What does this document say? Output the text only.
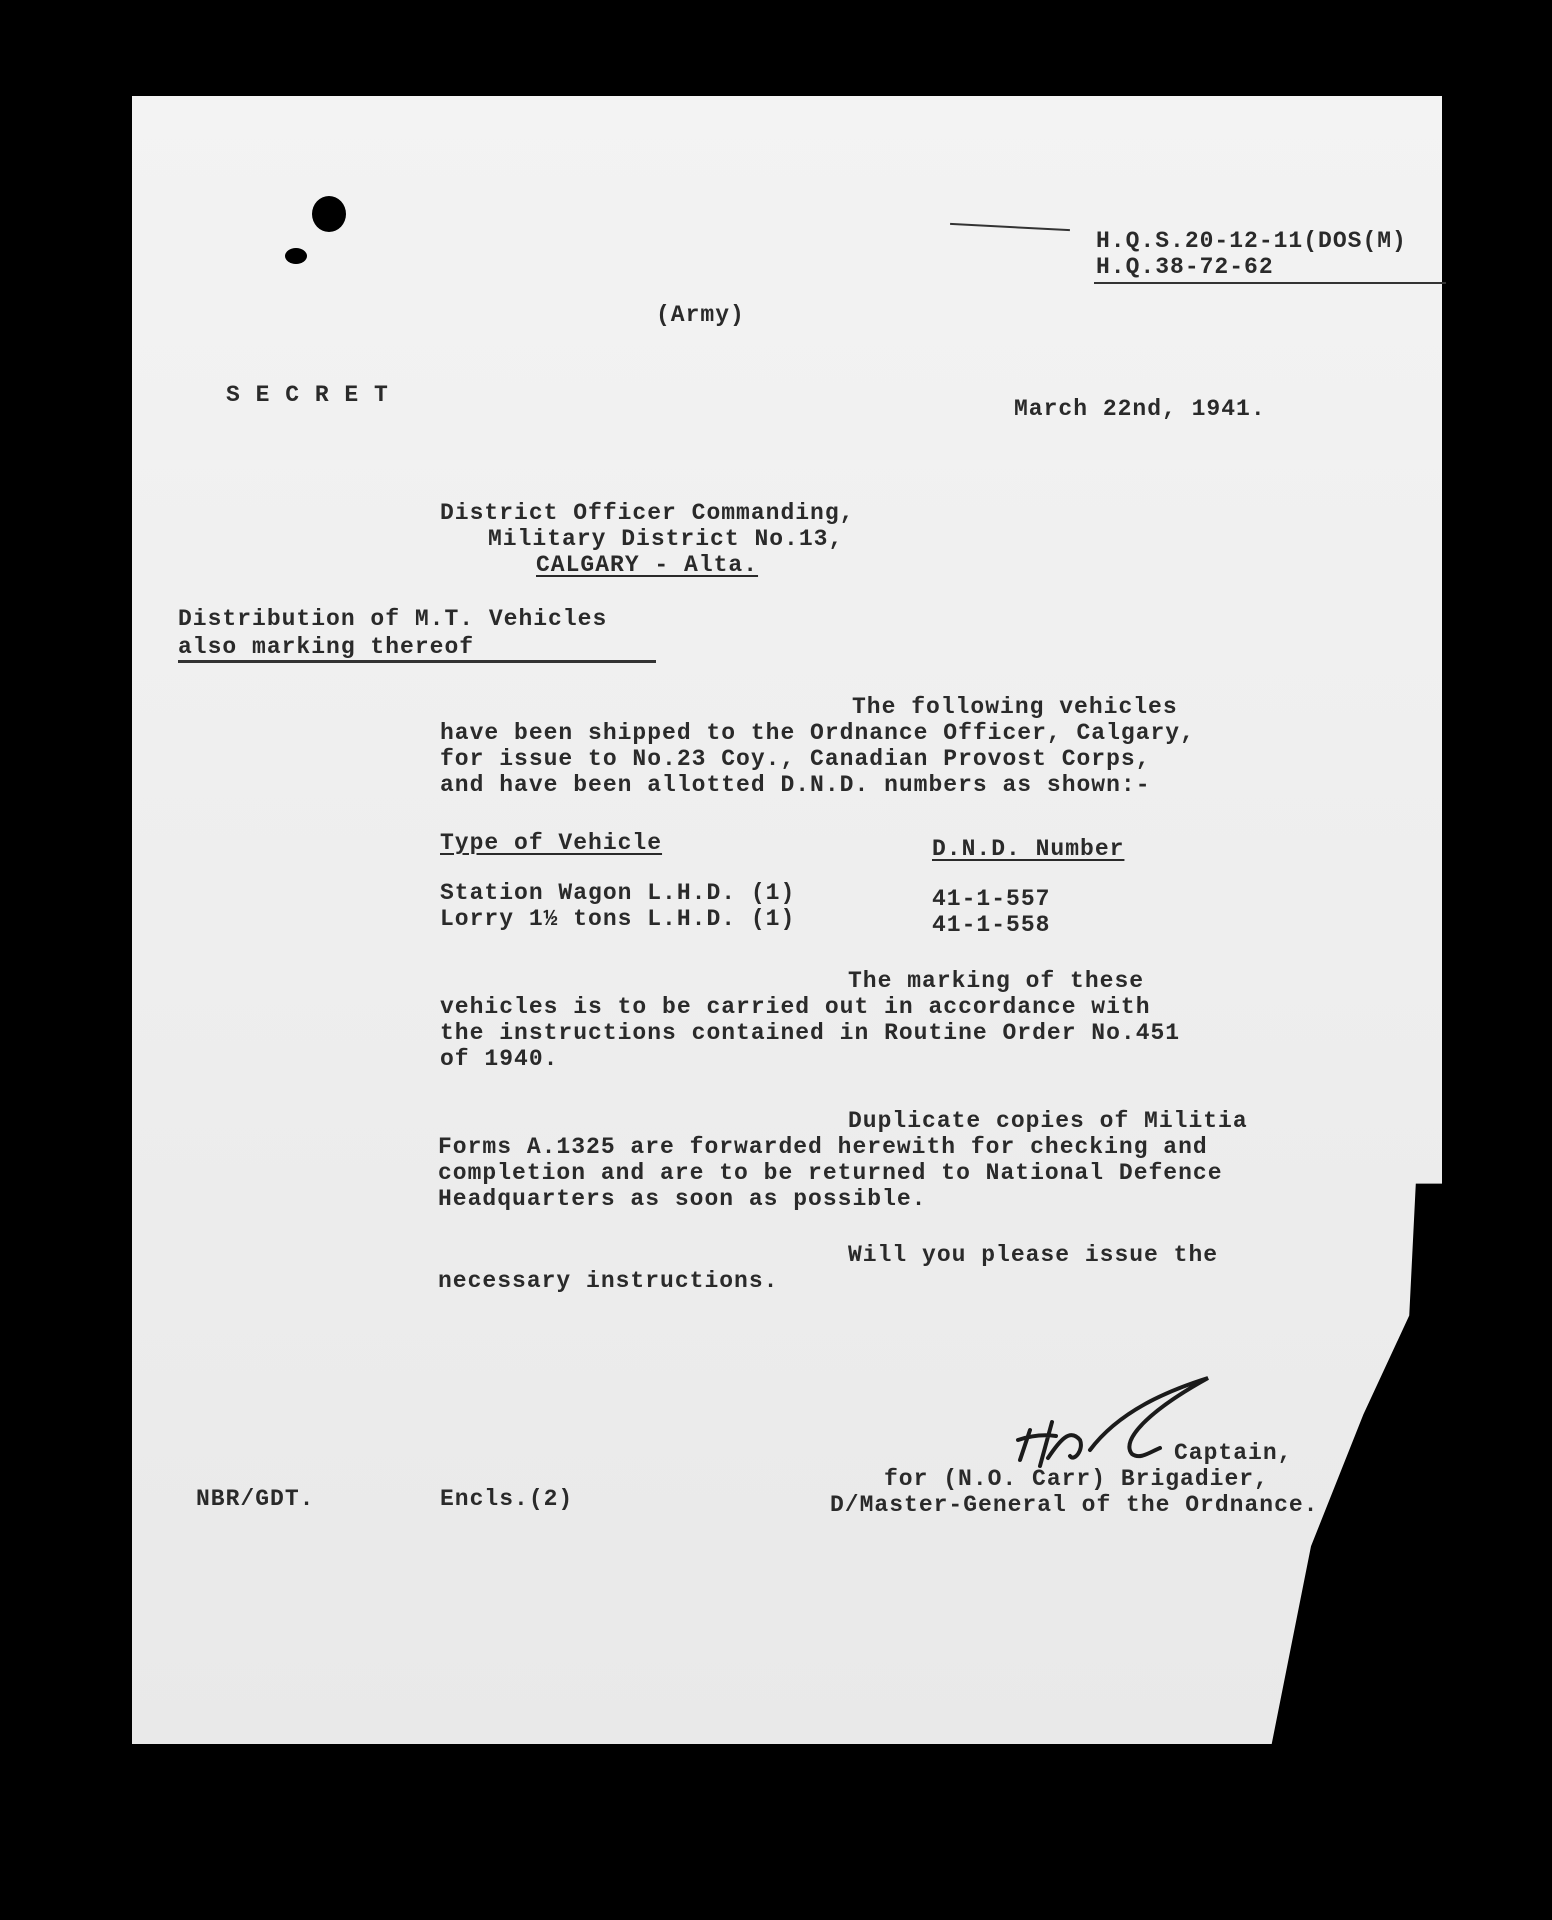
H.Q.S.20-12-11(DOS(M)
H.Q.38-72-62
(Army)
S E C R E T
March 22nd, 1941.
District Officer Commanding,
Military District No.13,
CALGARY - Alta.
Distribution of M.T. Vehicles
also marking thereof
The following vehicles
have been shipped to the Ordnance Officer, Calgary,
for issue to No.23 Coy., Canadian Provost Corps,
and have been allotted D.N.D. numbers as shown:-
Type of Vehicle	D.N.D. Number
Station Wagon L.H.D. (1)	41-1-557
Lorry 1½ tons L.H.D. (1)	41-1-558
The marking of these
vehicles is to be carried out in accordance with
the instructions contained in Routine Order No.451
of 1940.
Duplicate copies of Militia
Forms A.1325 are forwarded herewith for checking and
completion and are to be returned to National Defence
Headquarters as soon as possible.
Will you please issue the
necessary instructions.
Captain,
for (N.O. Carr) Brigadier,
D/Master-General of the Ordnance.
NBR/GDT.	Encls.(2)
